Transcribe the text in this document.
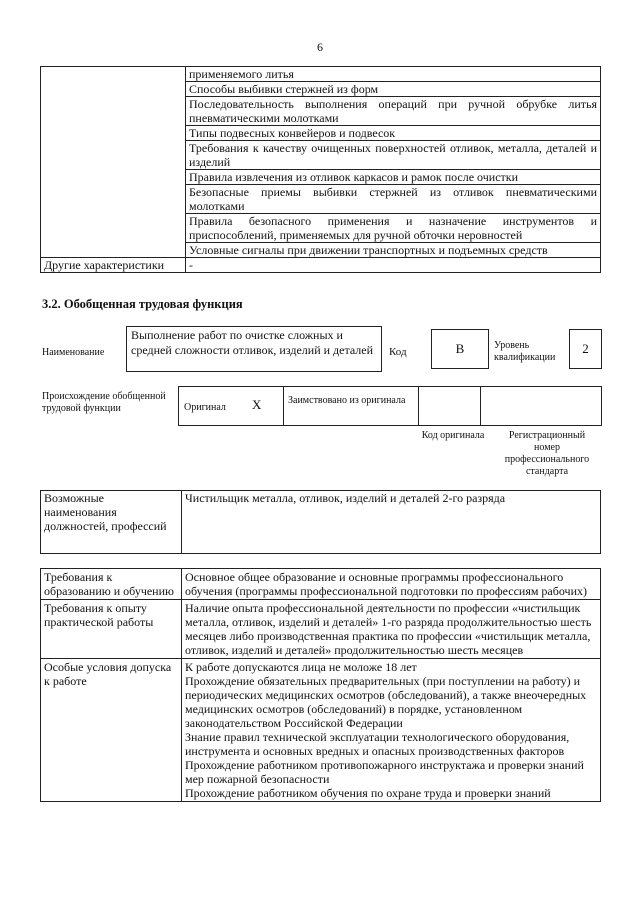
6
	применяемого литья
	Способы выбивки стержней из форм
	Последовательность выполнения операций при ручной обрубке литья пневматическими молотками
	Типы подвесных конвейеров и подвесок
	Требования к качеству очищенных поверхностей отливок, металла, деталей и изделий
	Правила извлечения из отливок каркасов и рамок после очистки
	Безопасные приемы выбивки стержней из отливок пневматическими молотками
	Правила безопасного применения и назначение инструментов и приспособлений, применяемых для ручной обточки неровностей
	Условные сигналы при движении транспортных и подъемных средств
Другие характеристики	-
3.2. Обобщенная трудовая функция
Наименование
Выполнение работ по очистке сложных и средней сложности отливок, изделий и деталей	Код	B	Уровень квалификации
2
Происхождение обобщенной трудовой функции	Оригинал X	Заимствовано из оригинала
Код оригинала	Регистрационный номер профессионального стандарта
Возможные наименования должностей, профессий	Чистильщик металла, отливок, изделий и деталей 2-го разряда
Требования к образованию и обучению	Основное общее образование и основные программы профессионального обучения (программы профессиональной подготовки по профессиям рабочих)

Требования к опыту практической работы	Наличие опыта профессиональной деятельности по профессии «чистильщик металла, отливок, изделий и деталей» 1-го разряда продолжительностью шесть месяцев либо производственная практика по профессии «чистильщик металла, отливок, изделий и деталей» продолжительностью шесть месяцев

Особые условия допуска к работе	К работе допускаются лица не моложе 18 лет
Прохождение обязательных предварительных (при поступлении на работу) и периодических медицинских осмотров (обследований), а также внеочередных медицинских осмотров (обследований) в порядке, установленном законодательством Российской Федерации
Знание правил технической эксплуатации технологического оборудования, инструмента и основных вредных и опасных производственных факторов
Прохождение работником противопожарного инструктажа и проверки знаний мер пожарной безопасности
Прохождение работником обучения по охране труда и проверки знаний
